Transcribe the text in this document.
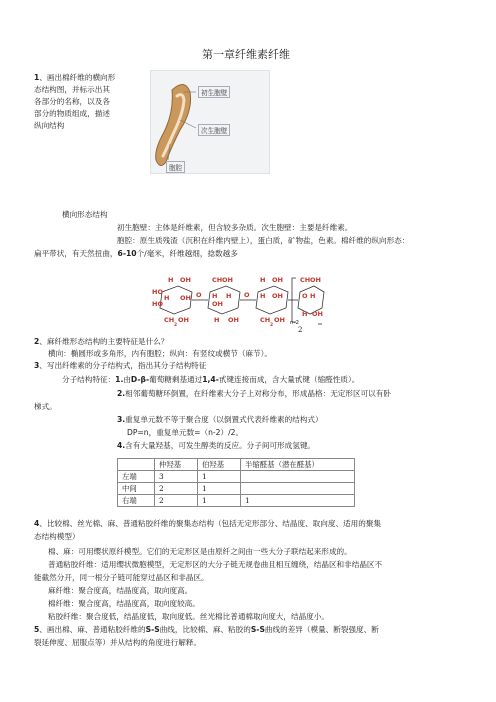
第一章纤维素纤维
1、画出棉纤维的横向形
态结构图，并标示出其
各部分的名称，以及各
部分的物质组成，描述
纵向结构
初生胞壁
次生胞壁
胞腔
横向形态结构
初生胞壁：主体是纤维素，但含较多杂质。次生胞壁：主要是纤维素。
胞腔：原生质残渣（沉积在纤维内壁上），蛋白质，矿物盐，色素。棉纤维的纵向形态：
扁平带状，有天然扭曲，6-10个/毫米，纤维越细，捻数越多
H OH
HO
H OH O
HO
CH
2
OH
CH OH
H H
OH
O
H OH
H OH
H OH
CH
2
OH
CH OH
O H
H OH
n-2
2
2、麻纤维形态结构的主要特征是什么？
横向：椭圆形或多角形，内有胞腔；纵向：有竖纹或横节（麻节）。
3、写出纤维素的分子结构式，指出其分子结构特征
分子结构特征：1.由D-β-葡萄糖剩基通过1,4-甙键连接而成，含大量甙键（缩醛性质）。
2.相邻葡萄糖环倒置，在纤维素大分子上对称分布，形成晶格：无定形区可以有卧
梯式。
3.重复单元数不等于聚合度（以倒置式代表纤维素的结构式）
DP=n，重复单元数=（n-2）/2。
4.含有大量羟基，可发生醇类的反应。分子间可形成氢键。
	仲羟基	伯羟基	半缩醛基（潜在醛基）
左端	3	1	
中间	2	1	
右端	2	1	1
4、比较棉、丝光棉、麻、普通粘胶纤维的聚集态结构（包括无定形部分、结晶度、取向度、适用的聚集
态结构模型）
棉、麻：可用缨状原纤模型。它们的无定形区是由原纤之间由一些大分子联结起来形成的。
普通粘胶纤维：适用缨状微胞模型，无定形区的大分子链无规卷曲且相互缠绕，结晶区和非结晶区不
能截然分开，同一根分子链可能穿过晶区和非晶区。
麻纤维：聚合度高，结晶度高，取向度高。
棉纤维：聚合度高，结晶度高，取向度较高。
粘胶纤维：聚合度低，结晶度低，取向度低。丝光棉比普通棉取向度大，结晶度小。
5、画出棉、麻、普通粘胶纤维的S-S曲线，比较棉、麻、粘胶的S-S曲线的差异（模量、断裂强度、断
裂延伸度、屈服点等）并从结构的角度进行解释。
